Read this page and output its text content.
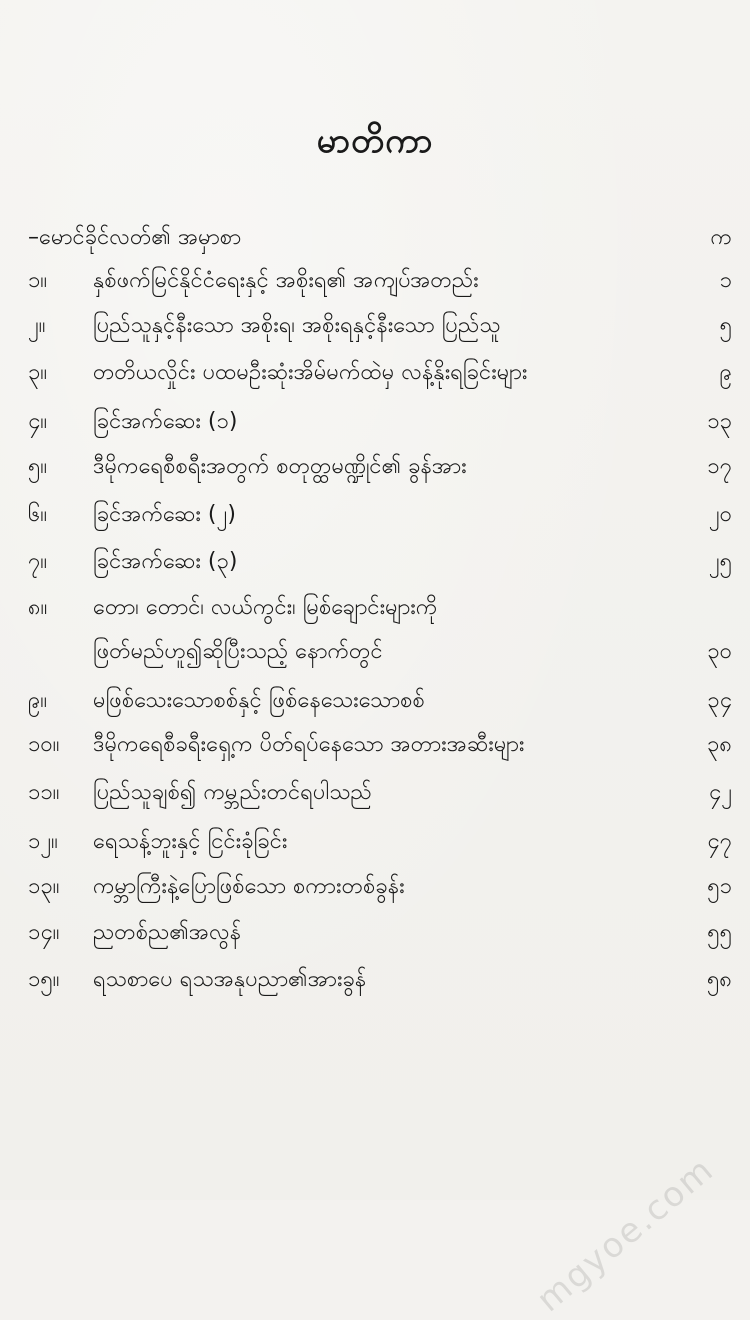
မာတိကာ
–မောင်ခိုင်လတ်၏ အမှာစာ	က
၁။	နှစ်ဖက်မြင်နိုင်ငံရေးနှင့် အစိုးရ၏ အကျပ်အတည်း	၁
၂။	ပြည်သူနှင့်နီးသော အစိုးရ၊ အစိုးရနှင့်နီးသော ပြည်သူ	၅
၃။	တတိယလှိုင်း ပထမဦးဆုံးအိမ်မက်ထဲမှ လန့်နိုးရခြင်းများ	၉
၄။	ခြင်အက်ဆေး (၁)	၁၃
၅။	ဒီမိုကရေစီစရီးအတွက် စတုတ္ထမဏ္ဍိုင်၏ ခွန်အား	၁၇
၆။	ခြင်အက်ဆေး (၂)	၂၀
၇။	ခြင်အက်ဆေး (၃)	၂၅
၈။	တော၊ တောင်၊ လယ်ကွင်း၊ မြစ်ချောင်းများကို
ဖြတ်မည်ဟူ၍ဆိုပြီးသည့် နောက်တွင်	၃၀
၉။	မဖြစ်သေးသောစစ်နှင့် ဖြစ်နေသေးသောစစ်	၃၄
၁၀။	ဒီမိုကရေစီခရီးရှေ့က ပိတ်ရပ်နေသော အတားအဆီးများ	၃၈
၁၁။	ပြည်သူချစ်၍ ကမ္ဘည်းတင်ရပါသည်	၄၂
၁၂။	ရေသန့်ဘူးနှင့် ငြင်းခုံခြင်း	၄၇
၁၃။	ကမ္ဘာကြီးနဲ့ပြောဖြစ်သော စကားတစ်ခွန်း	၅၁
၁၄။	ညတစ်ည၏အလွန်	၅၅
၁၅။	ရသစာပေ ရသအနုပညာ၏အားခွန်	၅၈
mgyoe.com
